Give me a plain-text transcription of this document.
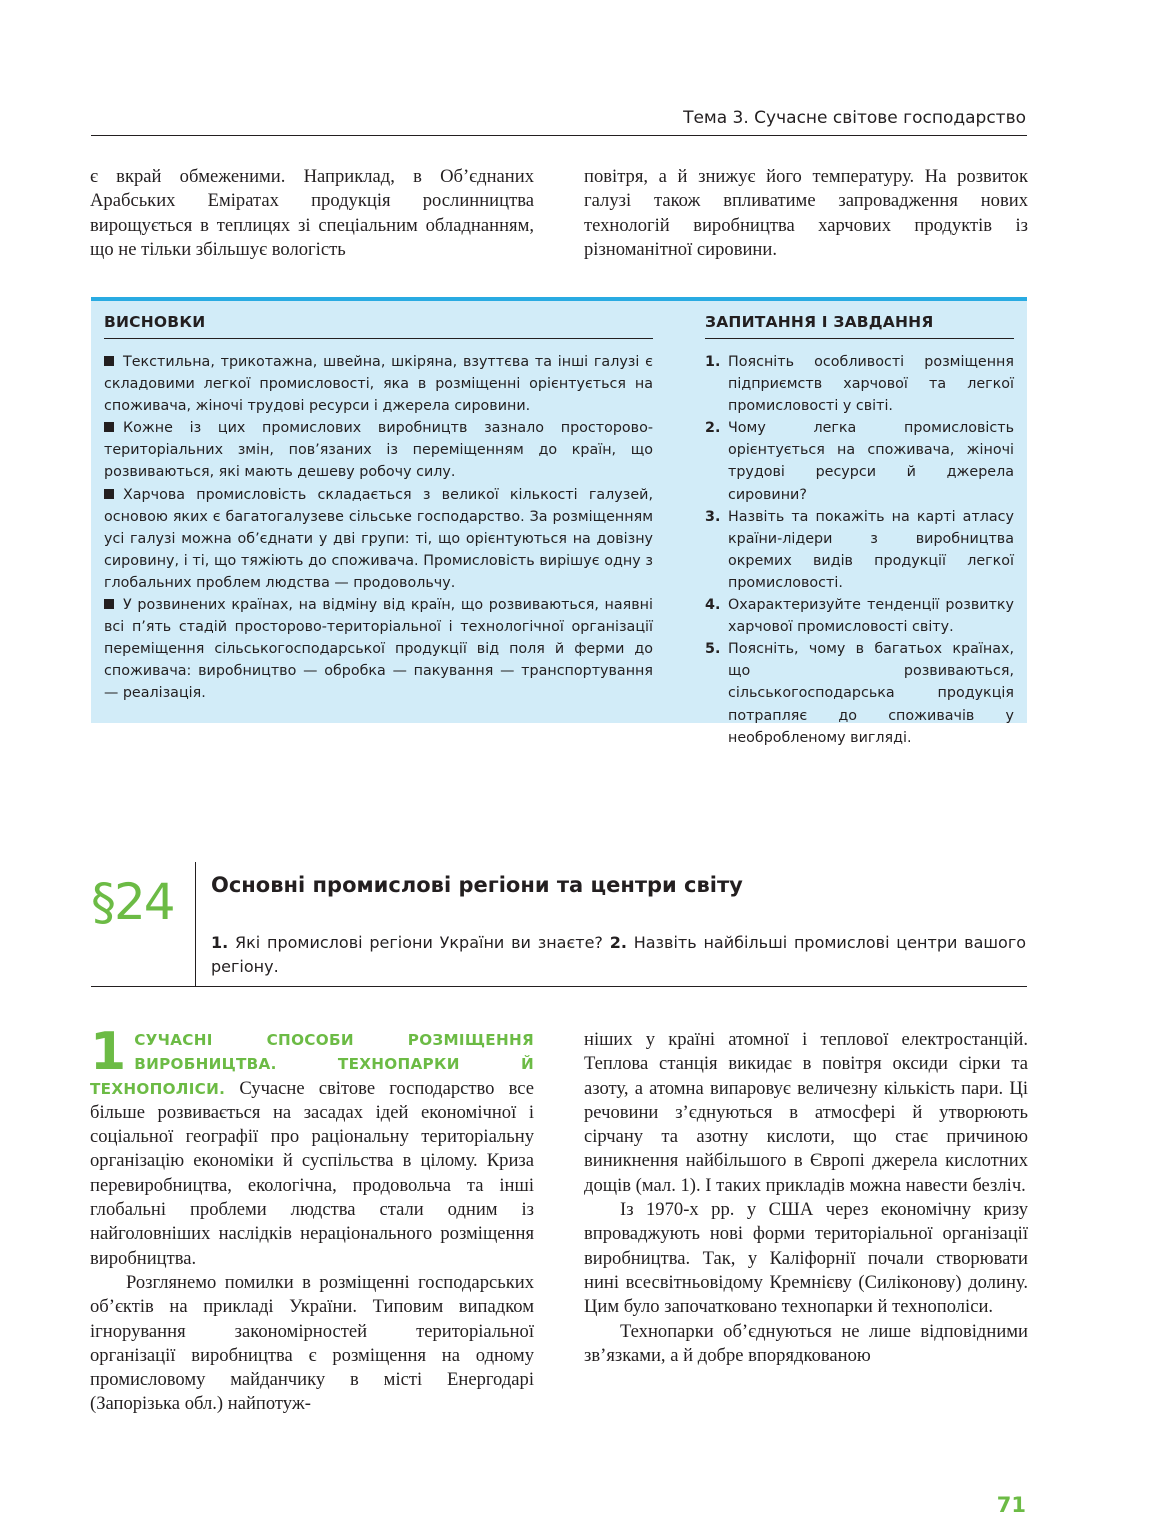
Тема 3. Сучасне світове господарство

є вкрай обмеженими. Наприклад, в Об’єднаних Арабських Еміратах продукція рослинництва вирощується в теплицях зі спеціальним обладнанням, що не тільки збільшує вологість

повітря, а й знижує його температуру. На розвиток галузі також впливатиме запровадження нових технологій виробництва харчових продуктів із різноманітної сировини.

ВИСНОВКИ
Текстильна, трикотажна, швейна, шкіряна, взуттєва та інші галузі є складовими легкої промисловості, яка в розміщенні орієнтується на споживача, жіночі трудові ресурси і джерела сировини.
Кожне із цих промислових виробництв зазнало просторово-територіальних змін, пов’язаних із переміщенням до країн, що розвиваються, які мають дешеву робочу силу.
Харчова промисловість складається з великої кількості галузей, основою яких є багатогалузеве сільське господарство. За розміщенням усі галузі можна об’єднати у дві групи: ті, що орієнтуються на довізну сировину, і ті, що тяжіють до споживача. Промисловість вирішує одну з глобальних проблем людства — продовольчу.
У розвинених країнах, на відміну від країн, що розвиваються, наявні всі п’ять стадій просторово-територіальної і технологічної організації переміщення сільськогосподарської продукції від поля й ферми до споживача: виробництво — обробка — пакування — транспортування — реалізація.
ЗАПИТАННЯ І ЗАВДАННЯ
1. Поясніть особливості розміщення підприємств харчової та легкої промисловості у світі.
2. Чому легка промисловість орієнтується на споживача, жіночі трудові ресурси й джерела сировини?
3. Назвіть та покажіть на карті атласу країни-лідери з виробництва окремих видів продукції легкої промисловості.
4. Охарактеризуйте тенденції розвитку харчової промисловості світу.
5. Поясніть, чому в багатьох країнах, що розвиваються, сільськогосподарська продукція потрапляє до споживачів у необробленому вигляді.
§24 Основні промислові регіони та центри світу
1. Які промислові регіони України ви знаєте? 2. Назвіть найбільші промислові центри вашого регіону.

1 СУЧАСНІ СПОСОБИ РОЗМІЩЕННЯ ВИРОБНИЦТВА. ТЕХНОПАРКИ Й ТЕХНОПОЛІСИ. Сучасне світове господарство все більше розвивається на засадах ідей економічної і соціальної географії про раціональну територіальну організацію економіки й суспільства в цілому. Криза перевиробництва, екологічна, продовольча та інші глобальні проблеми людства стали одним із найголовніших наслідків нераціонального розміщення виробництва.

Розглянемо помилки в розміщенні господарських об’єктів на прикладі України. Типовим випадком ігнорування закономірностей територіальної організації виробництва є розміщення на одному промисловому майданчику в місті Енергодарі (Запорізька обл.) найпотуж-

ніших у країні атомної і теплової електростанцій. Теплова станція викидає в повітря оксиди сірки та азоту, а атомна випаровує величезну кількість пари. Ці речовини з’єднуються в атмосфері й утворюють сірчану та азотну кислоти, що стає причиною виникнення найбільшого в Європі джерела кислотних дощів (мал. 1). І таких прикладів можна навести безліч.

Із 1970-х рр. у США через економічну кризу впроваджують нові форми територіальної організації виробництва. Так, у Каліфорнії почали створювати нині всесвітньовідому Кремнієву (Силіконову) долину. Цим було започатковано технопарки й технополіси.

Технопарки об’єднуються не лише відповідними зв’язками, а й добре впорядкованою

71
